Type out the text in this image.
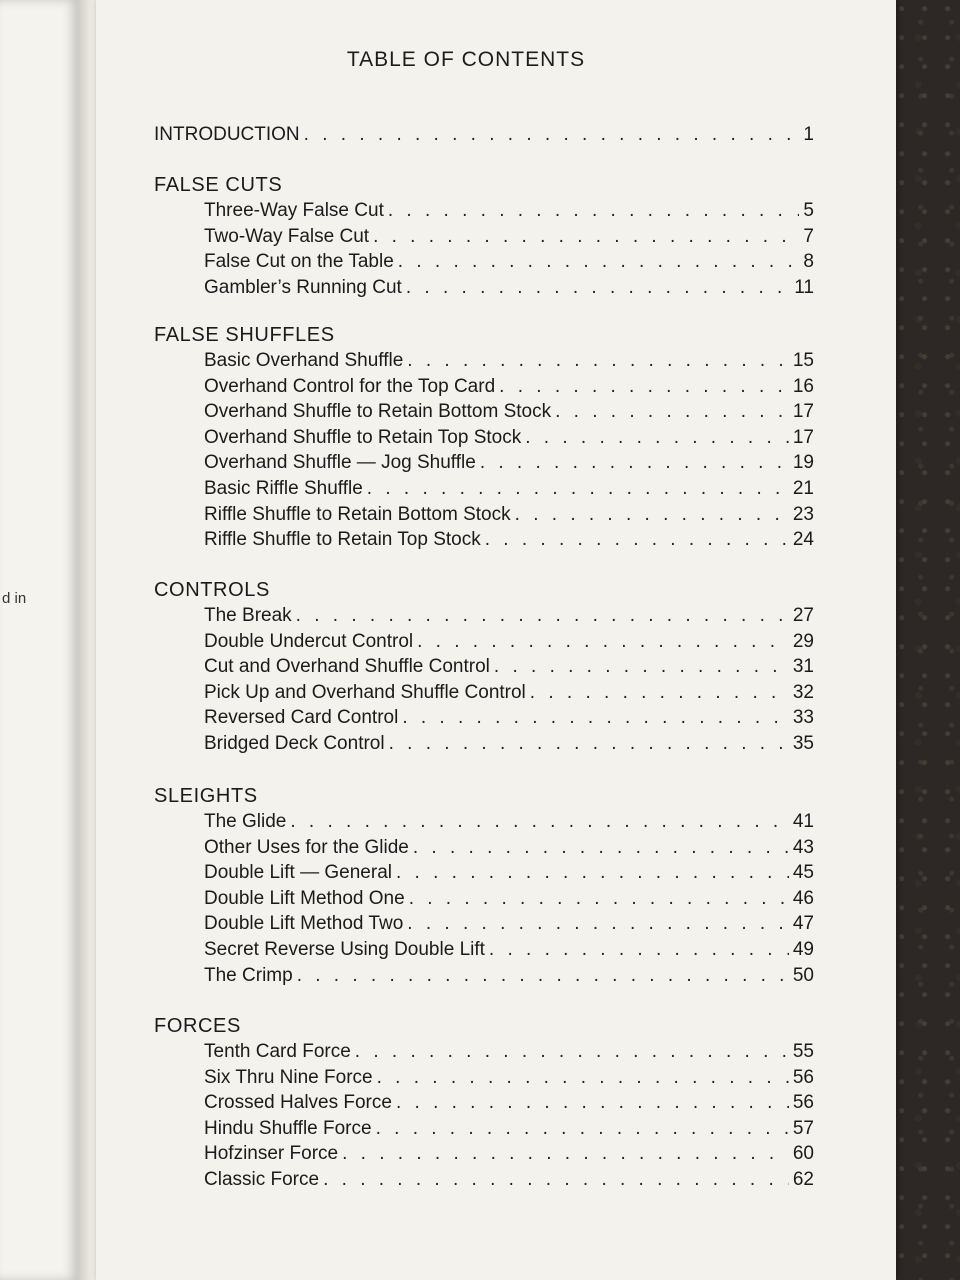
d in
TABLE OF CONTENTS
INTRODUCTION . . .	1
FALSE CUTS
Three-Way False Cut . . .	5
Two-Way False Cut . . .	7
False Cut on the Table . . .	8
Gambler’s Running Cut . . .	11
FALSE SHUFFLES
Basic Overhand Shuffle . . .	15
Overhand Control for the Top Card . . .	16
Overhand Shuffle to Retain Bottom Stock . . .	17
Overhand Shuffle to Retain Top Stock . . .	17
Overhand Shuffle — Jog Shuffle . . .	19
Basic Riffle Shuffle . . .	21
Riffle Shuffle to Retain Bottom Stock . . .	23
Riffle Shuffle to Retain Top Stock . . .	24
CONTROLS
The Break . . .	27
Double Undercut Control . . .	29
Cut and Overhand Shuffle Control . . .	31
Pick Up and Overhand Shuffle Control . . .	32
Reversed Card Control . . .	33
Bridged Deck Control . . .	35
SLEIGHTS
The Glide . . .	41
Other Uses for the Glide . . .	43
Double Lift — General . . .	45
Double Lift Method One . . .	46
Double Lift Method Two . . .	47
Secret Reverse Using Double Lift . . .	49
The Crimp . . .	50
FORCES
Tenth Card Force . . .	55
Six Thru Nine Force . . .	56
Crossed Halves Force . . .	56
Hindu Shuffle Force . . .	57
Hofzinser Force . . .	60
Classic Force . . .	62
